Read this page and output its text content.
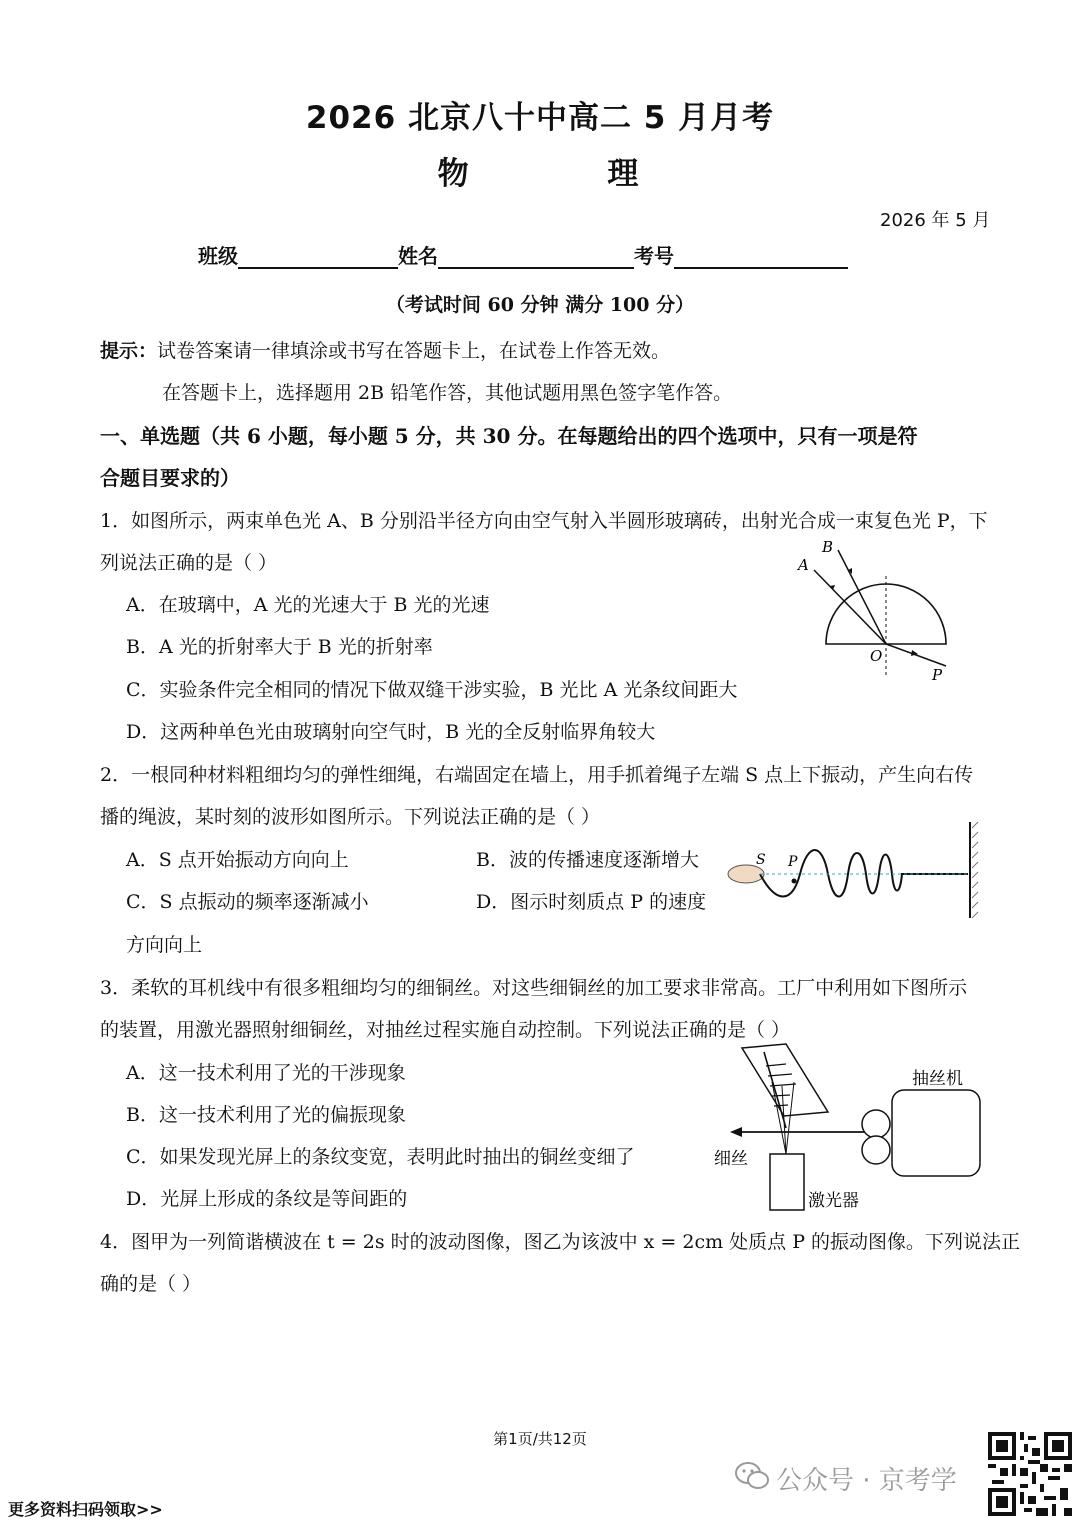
2026 北京八十中高二 5 月月考
物 理
2026 年 5 月
班级	姓名	考号
（考试时间 60 分钟 满分 100 分）
提示：试卷答案请一律填涂或书写在答题卡上，在试卷上作答无效。
在答题卡上，选择题用 2B 铅笔作答，其他试题用黑色签字笔作答。
一、单选题（共 6 小题，每小题 5 分，共 30 分。在每题给出的四个选项中，只有一项是符
合题目要求的）
1．如图所示，两束单色光 A、B 分别沿半径方向由空气射入半圆形玻璃砖，出射光合成一束复色光 P，下
列说法正确的是（ ）
A．在玻璃中，A 光的光速大于 B 光的光速
B．A 光的折射率大于 B 光的折射率
C．实验条件完全相同的情况下做双缝干涉实验，B 光比 A 光条纹间距大
D．这两种单色光由玻璃射向空气时，B 光的全反射临界角较大
A
B
O
P
2．一根同种材料粗细均匀的弹性细绳，右端固定在墙上，用手抓着绳子左端 S 点上下振动，产生向右传
播的绳波，某时刻的波形如图所示。下列说法正确的是（ ）
A．S 点开始振动方向向上	B．波的传播速度逐渐增大
C．S 点振动的频率逐渐减小	D．图示时刻质点 P 的速度
方向向上
S P
3．柔软的耳机线中有很多粗细均匀的细铜丝。对这些细铜丝的加工要求非常高。工厂中利用如下图所示
的装置，用激光器照射细铜丝，对抽丝过程实施自动控制。下列说法正确的是（ ）
A．这一技术利用了光的干涉现象
B．这一技术利用了光的偏振现象
C．如果发现光屏上的条纹变宽，表明此时抽出的铜丝变细了
D．光屏上形成的条纹是等间距的
抽丝机
细丝
激光器
4．图甲为一列简谐横波在 t = 2s 时的波动图像，图乙为该波中 x = 2cm 处质点 P 的振动图像。下列说法正
确的是（ ）
第1页/共12页
公众号 · 京考学
更多资料扫码领取>>
